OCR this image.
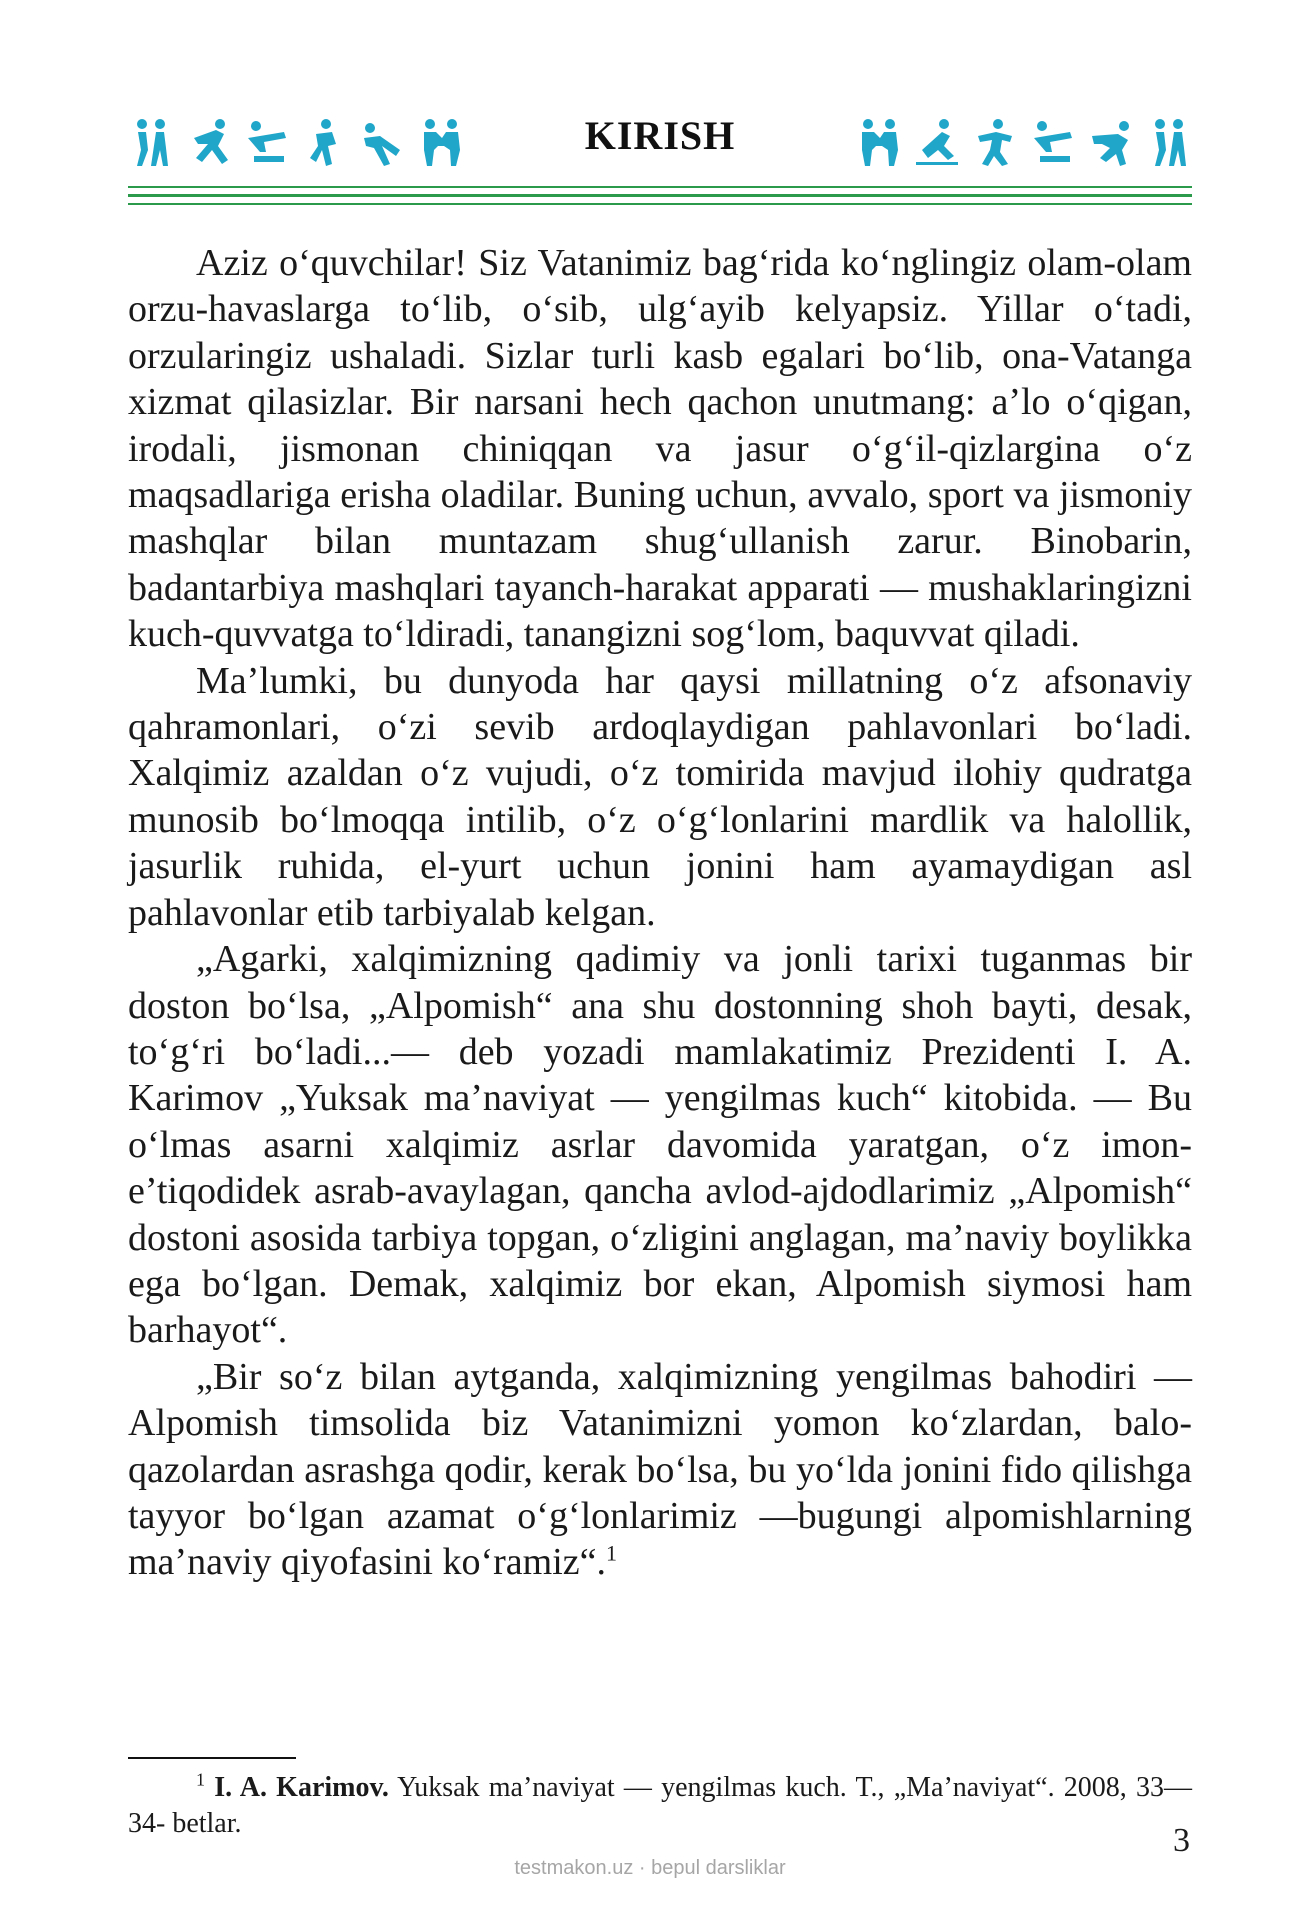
KIRISH

Aziz o‘quvchilar! Siz Vatanimiz bag‘rida ko‘nglingiz olam-olam orzu-havaslarga to‘lib, o‘sib, ulg‘ayib kelyapsiz. Yillar o‘tadi, orzularingiz ushaladi. Sizlar turli kasb egalari bo‘lib, ona-Vatanga xizmat qilasizlar. Bir narsani hech qachon unutmang: a’lo o‘qigan, irodali, jismonan chiniqqan va jasur o‘g‘il-qizlargina o‘z maqsadlariga erisha oladilar. Buning uchun, avvalo, sport va jismoniy mashqlar bilan muntazam shug‘ullanish zarur. Binobarin, badantarbiya mashqlari tayanch-harakat apparati — mushaklaringizni kuch-quvvatga to‘ldiradi, tanangizni sog‘lom, baquvvat qiladi.

Ma’lumki, bu dunyoda har qaysi millatning o‘z afsonaviy qahramonlari, o‘zi sevib ardoqlaydigan pahlavonlari bo‘ladi. Xalqimiz azaldan o‘z vujudi, o‘z tomirida mavjud ilohiy qudratga munosib bo‘lmoqqa intilib, o‘z o‘g‘lonlarini mardlik va halollik, jasurlik ruhida, el-yurt uchun jonini ham ayamaydigan asl pahlavonlar etib tarbiyalab kelgan.

„Agarki, xalqimizning qadimiy va jonli tarixi tuganmas bir doston bo‘lsa, „Alpomish“ ana shu dostonning shoh bayti, desak, to‘g‘ri bo‘ladi...— deb yozadi mamlakatimiz Prezidenti I. A. Karimov „Yuksak ma’naviyat — yengilmas kuch“ kitobida. — Bu o‘lmas asarni xalqimiz asrlar davomida yaratgan, o‘z imon-e’tiqodidek asrab-avaylagan, qancha avlod-ajdodlarimiz „Alpomish“ dostoni asosida tarbiya topgan, o‘zligini anglagan, ma’naviy boylikka ega bo‘lgan. Demak, xalqimiz bor ekan, Alpomish siymosi ham barhayot“.

„Bir so‘z bilan aytganda, xalqimizning yengilmas bahodiri — Alpomish timsolida biz Vatanimizni yomon ko‘zlardan, balo-qazolardan asrashga qodir, kerak bo‘lsa, bu yo‘lda jonini fido qilishga tayyor bo‘lgan azamat o‘g‘lonlarimiz —bugungi alpomishlarning ma’naviy qiyofasini ko‘ramiz“.$^1$

$^1$ I. A. Karimov. Yuksak ma’naviyat — yengilmas kuch. T., „Ma’naviyat“. 2008, 33—34- betlar.	3
testmakon.uz · bepul darsliklar
